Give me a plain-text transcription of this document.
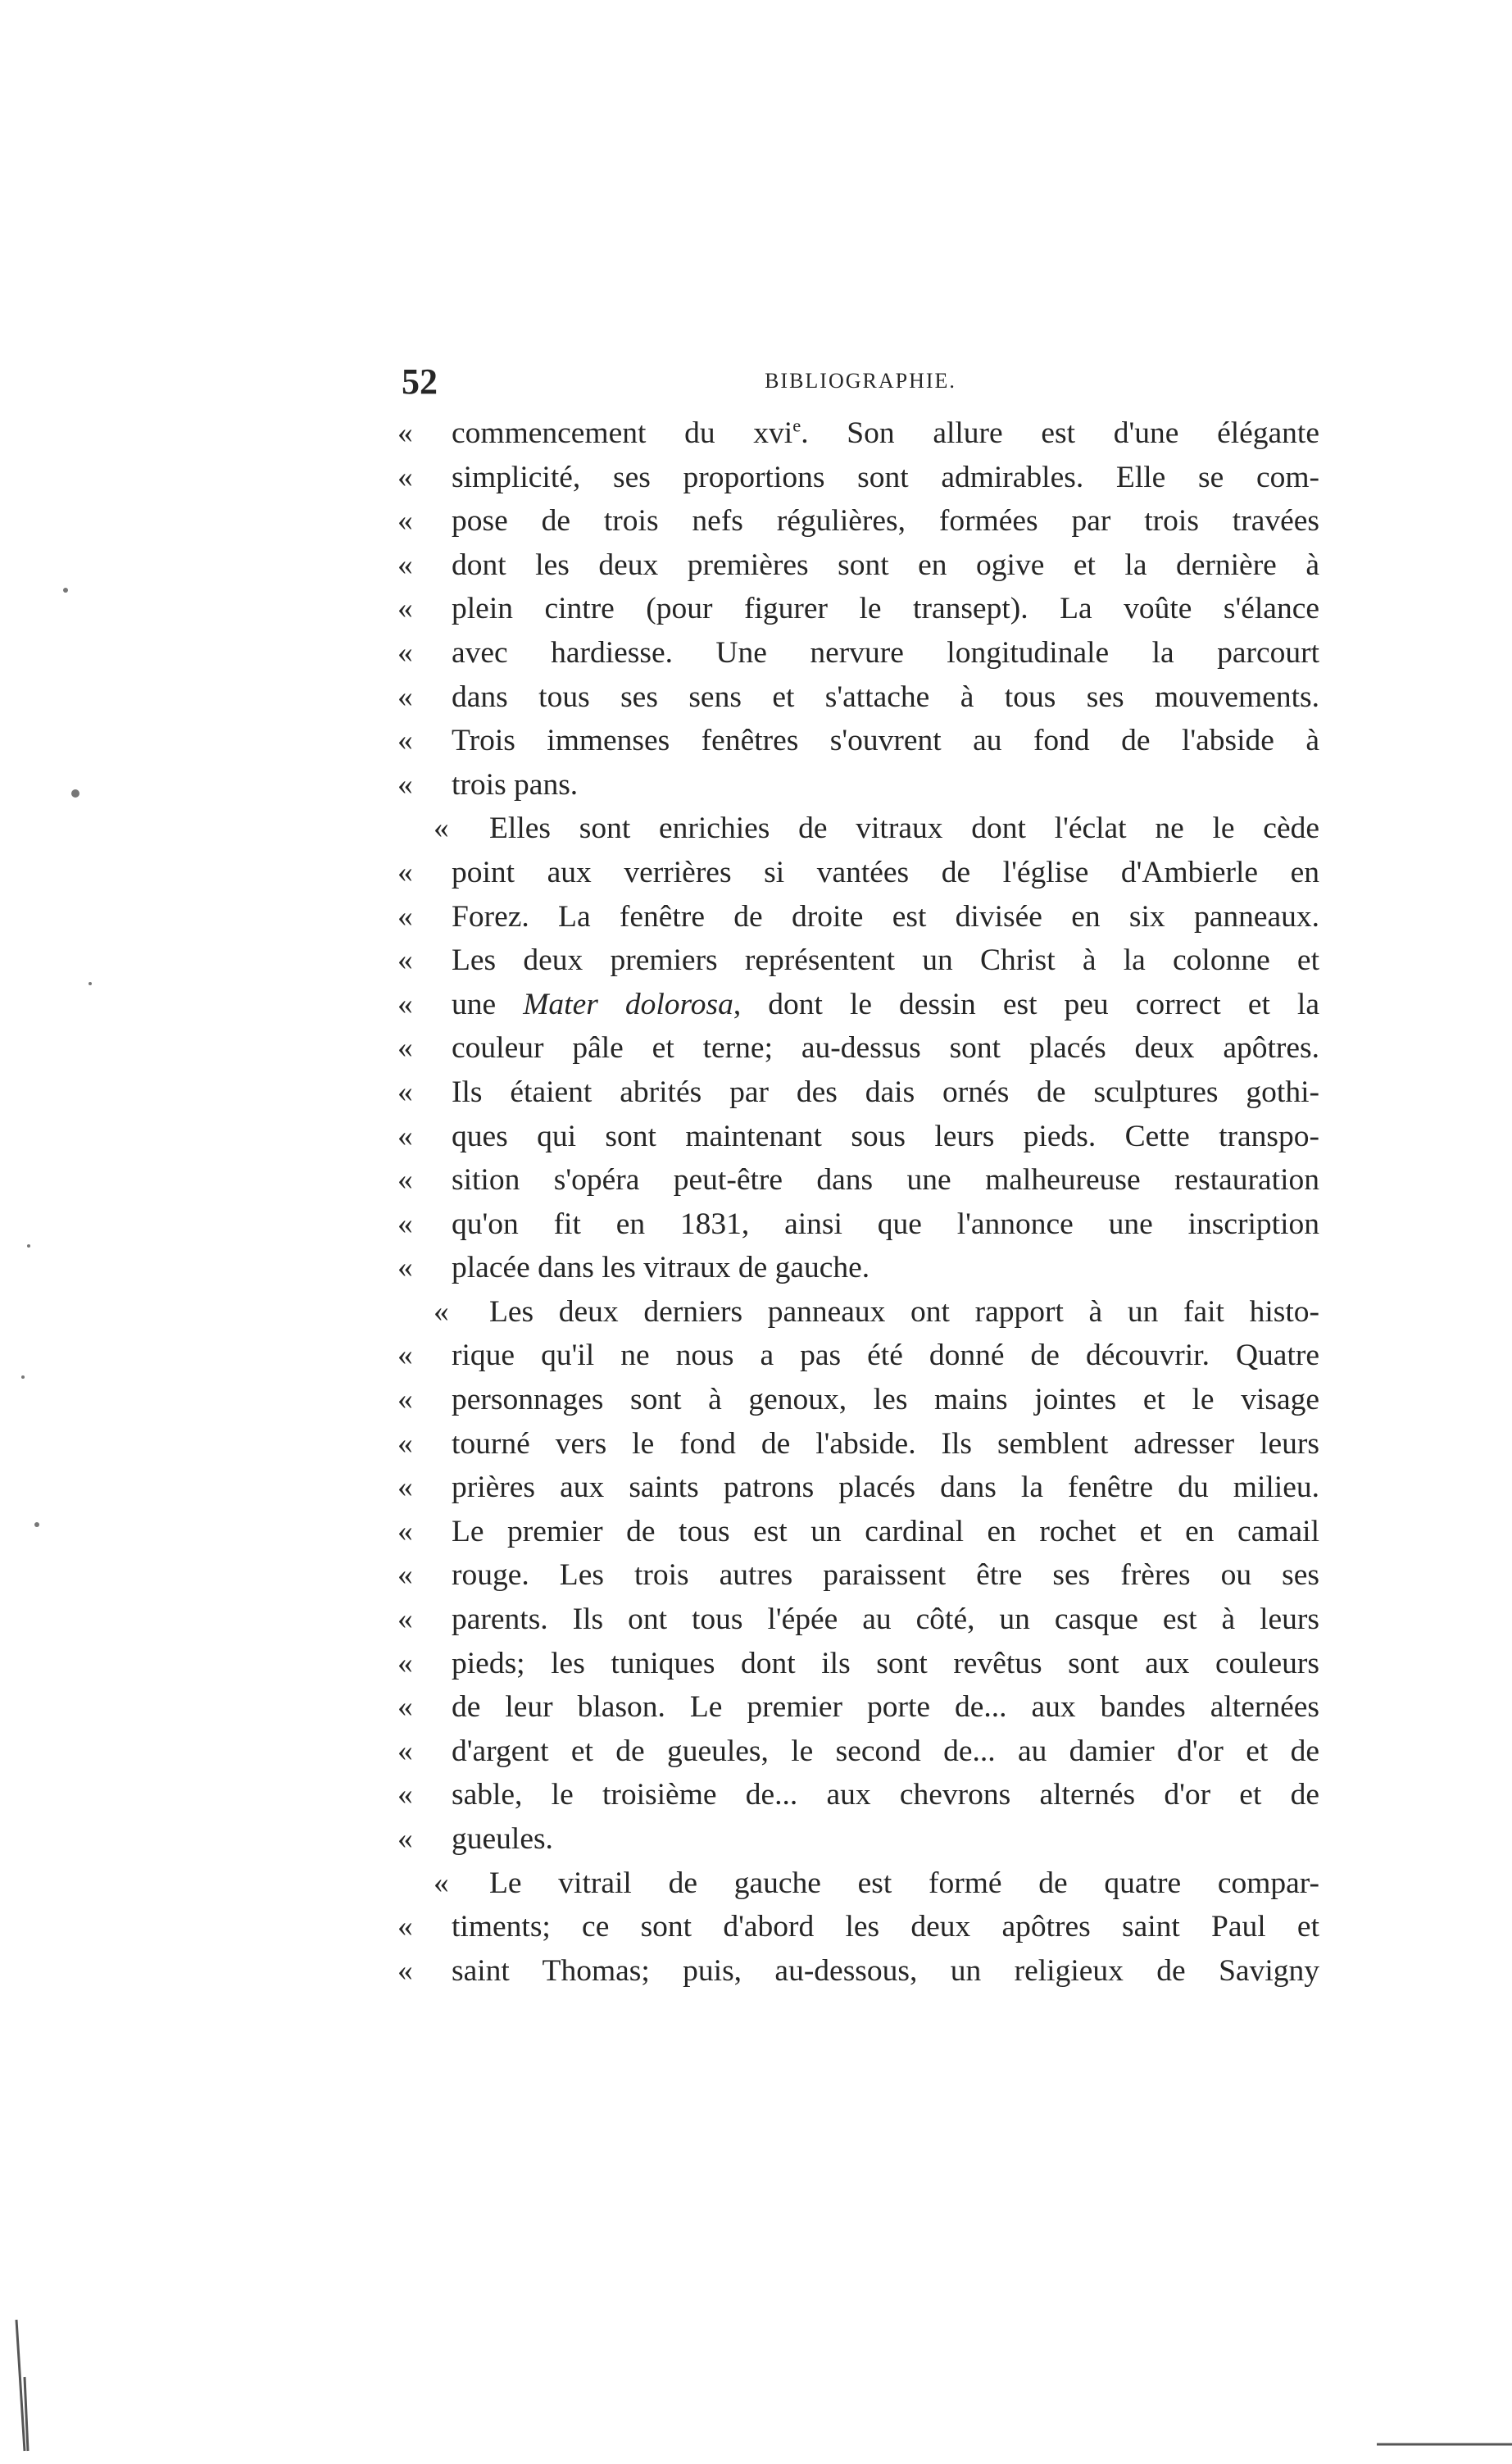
52	BIBLIOGRAPHIE.
«	commencement du xvi$^e$. Son allure est d'une élégante
«	simplicité, ses proportions sont admirables. Elle se com-
«	pose de trois nefs régulières, formées par trois travées
«	dont les deux premières sont en ogive et la dernière à
«	plein cintre (pour figurer le transept). La voûte s'élance
«	avec hardiesse. Une nervure longitudinale la parcourt
«	dans tous ses sens et s'attache à tous ses mouvements.
«	Trois immenses fenêtres s'ouvrent au fond de l'abside à
«	trois pans.
«	Elles sont enrichies de vitraux dont l'éclat ne le cède
«	point aux verrières si vantées de l'église d'Ambierle en
«	Forez. La fenêtre de droite est divisée en six panneaux.
«	Les deux premiers représentent un Christ à la colonne et
«	une Mater dolorosa, dont le dessin est peu correct et la
«	couleur pâle et terne; au-dessus sont placés deux apôtres.
«	Ils étaient abrités par des dais ornés de sculptures gothi-
«	ques qui sont maintenant sous leurs pieds. Cette transpo-
«	sition s'opéra peut-être dans une malheureuse restauration
«	qu'on fit en 1831, ainsi que l'annonce une inscription
«	placée dans les vitraux de gauche.
«	Les deux derniers panneaux ont rapport à un fait histo-
«	rique qu'il ne nous a pas été donné de découvrir. Quatre
«	personnages sont à genoux, les mains jointes et le visage
«	tourné vers le fond de l'abside. Ils semblent adresser leurs
«	prières aux saints patrons placés dans la fenêtre du milieu.
«	Le premier de tous est un cardinal en rochet et en camail
«	rouge. Les trois autres paraissent être ses frères ou ses
«	parents. Ils ont tous l'épée au côté, un casque est à leurs
«	pieds; les tuniques dont ils sont revêtus sont aux couleurs
«	de leur blason. Le premier porte de... aux bandes alternées
«	d'argent et de gueules, le second de... au damier d'or et de
«	sable, le troisième de... aux chevrons alternés d'or et de
«	gueules.
«	Le vitrail de gauche est formé de quatre compar-
«	timents; ce sont d'abord les deux apôtres saint Paul et
«	saint Thomas; puis, au-dessous, un religieux de Savigny
